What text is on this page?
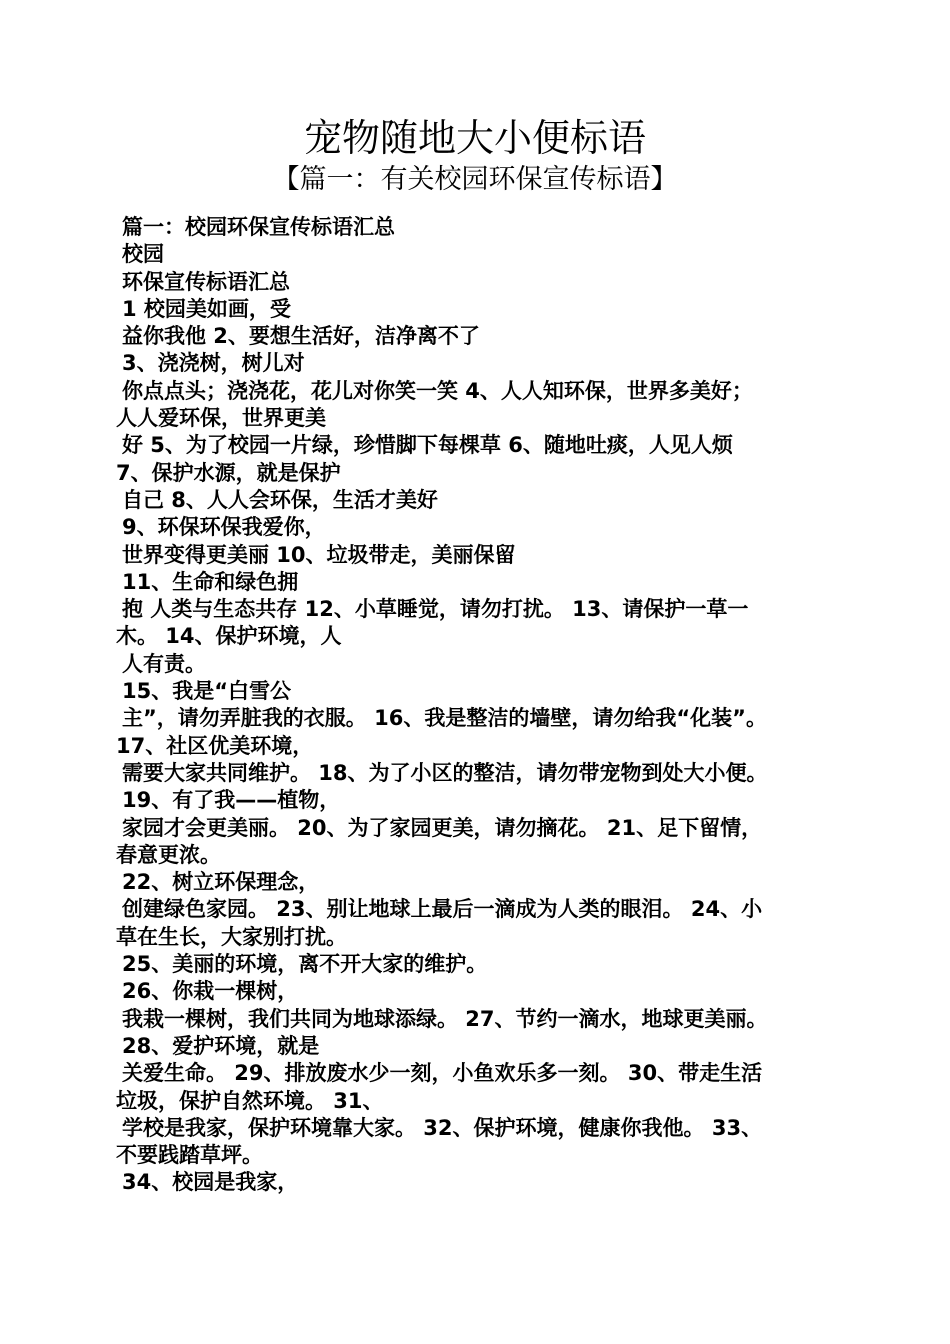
宠物随地大小便标语
【篇一：有关校园环保宣传标语】
篇一：校园环保宣传标语汇总
校园
环保宣传标语汇总
1 校园美如画，受
益你我他 2、要想生活好，洁净离不了
3、浇浇树，树儿对
你点点头；浇浇花，花儿对你笑一笑 4、人人知环保，世界多美好；
人人爱环保，世界更美
好 5、为了校园一片绿，珍惜脚下每棵草 6、随地吐痰，人见人烦
7、保护水源，就是保护
自己 8、人人会环保，生活才美好
9、环保环保我爱你，
世界变得更美丽 10、垃圾带走，美丽保留
11、生命和绿色拥
抱 人类与生态共存 12、小草睡觉，请勿打扰。 13、请保护一草一
木。 14、保护环境，人
人有责。
15、我是“白雪公
主”，请勿弄脏我的衣服。 16、我是整洁的墙壁，请勿给我“化装”。
17、社区优美环境，
需要大家共同维护。 18、为了小区的整洁，请勿带宠物到处大小便。
19、有了我——植物，
家园才会更美丽。 20、为了家园更美，请勿摘花。 21、足下留情，
春意更浓。
22、树立环保理念，
创建绿色家园。 23、别让地球上最后一滴成为人类的眼泪。 24、小
草在生长，大家别打扰。
25、美丽的环境，离不开大家的维护。
26、你栽一棵树，
我栽一棵树，我们共同为地球添绿。 27、节约一滴水，地球更美丽。
28、爱护环境，就是
关爱生命。 29、排放废水少一刻，小鱼欢乐多一刻。 30、带走生活
垃圾，保护自然环境。 31、
学校是我家，保护环境靠大家。 32、保护环境，健康你我他。 33、
不要践踏草坪。
34、校园是我家，
